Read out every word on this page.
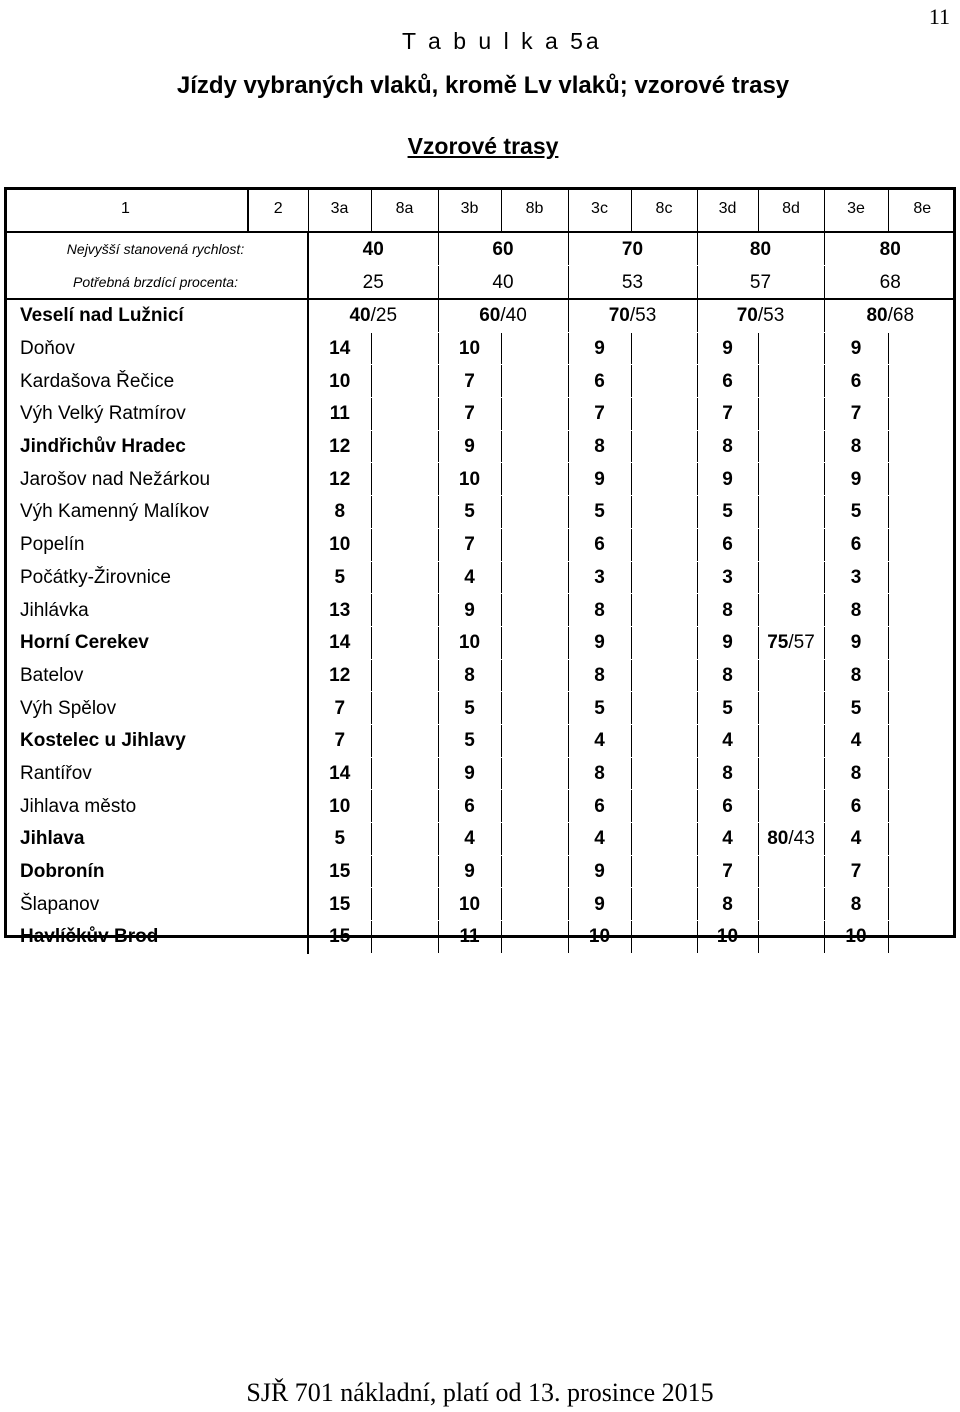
11
T a b u l k a 5a
Jízdy vybraných vlaků, kromě Lv vlaků; vzorové trasy
Vzorové trasy
1	2	3a	8a	3b	8b	3c	8c	3d	8d	3e	8e
Nejvyšší stanovená rychlost:		40		60		70		80		80	
Potřebná brzdící procenta:		25		40		53		57		68	
Veselí nad Lužnicí		40/25		60/40		70/53		70/53		80/68	
Doňov		14		10		9		9		9	
Kardašova Řečice		10		7		6		6		6	
Výh Velký Ratmírov		11		7		7		7		7	
Jindřichův Hradec		12		9		8		8		8	
Jarošov nad Nežárkou		12		10		9		9		9	
Výh Kamenný Malíkov		8		5		5		5		5	
Popelín		10		7		6		6		6	
Počátky-Žirovnice		5		4		3		3		3	
Jihlávka		13		9		8		8		8	
Horní Cerekev		14		10		9		9	75/57	9	
Batelov		12		8		8		8		8	
Výh Spělov		7		5		5		5		5	
Kostelec u Jihlavy		7		5		4		4		4	
Rantířov		14		9		8		8		8	
Jihlava město		10		6		6		6		6	
Jihlava		5		4		4		4	80/43	4	
Dobronín		15		9		9		7		7	
Šlapanov		15		10		9		8		8	
Havlíčkův Brod		15		11		10		10		10	
SJŘ 701 nákladní, platí od 13. prosince 2015
